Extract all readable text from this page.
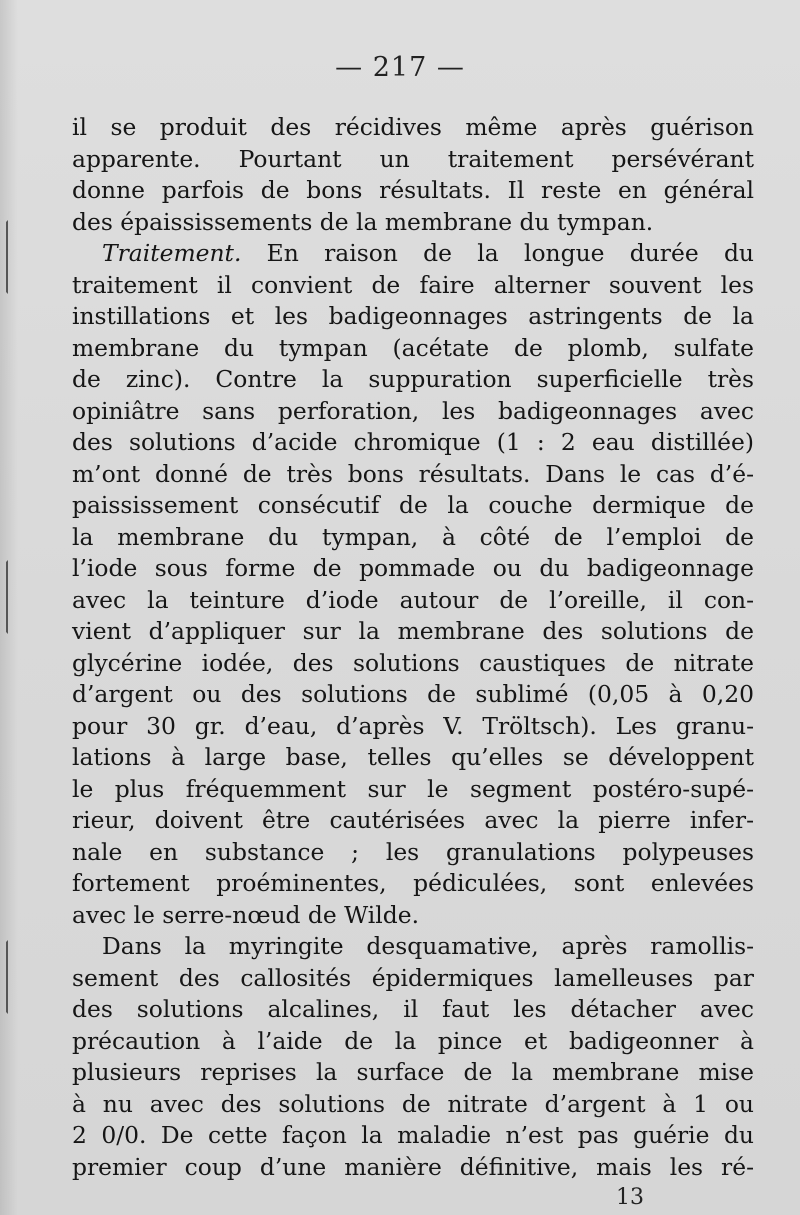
— 217 —
il se produit des récidives même après guérison
apparente. Pourtant un traitement persévérant
donne parfois de bons résultats. Il reste en général
des épaississements de la membrane du tympan.
Traitement. En raison de la longue durée du
traitement il convient de faire alterner souvent les
instillations et les badigeonnages astringents de la
membrane du tympan (acétate de plomb, sulfate
de zinc). Contre la suppuration superficielle très
opiniâtre sans perforation, les badigeonnages avec
des solutions d’acide chromique (1 : 2 eau distillée)
m’ont donné de très bons résultats. Dans le cas d’é-
paississement consécutif de la couche dermique de
la membrane du tympan, à côté de l’emploi de
l’iode sous forme de pommade ou du badigeonnage
avec la teinture d’iode autour de l’oreille, il con-
vient d’appliquer sur la membrane des solutions de
glycérine iodée, des solutions caustiques de nitrate
d’argent ou des solutions de sublimé (0,05 à 0,20
pour 30 gr. d’eau, d’après V. Tröltsch). Les granu-
lations à large base, telles qu’elles se développent
le plus fréquemment sur le segment postéro-supé-
rieur, doivent être cautérisées avec la pierre infer-
nale en substance ; les granulations polypeuses
fortement proéminentes, pédiculées, sont enlevées
avec le serre-nœud de Wilde.
Dans la myringite desquamative, après ramollis-
sement des callosités épidermiques lamelleuses par
des solutions alcalines, il faut les détacher avec
précaution à l’aide de la pince et badigeonner à
plusieurs reprises la surface de la membrane mise
à nu avec des solutions de nitrate d’argent à 1 ou
2 0/0. De cette façon la maladie n’est pas guérie du
premier coup d’une manière définitive, mais les ré-
13
